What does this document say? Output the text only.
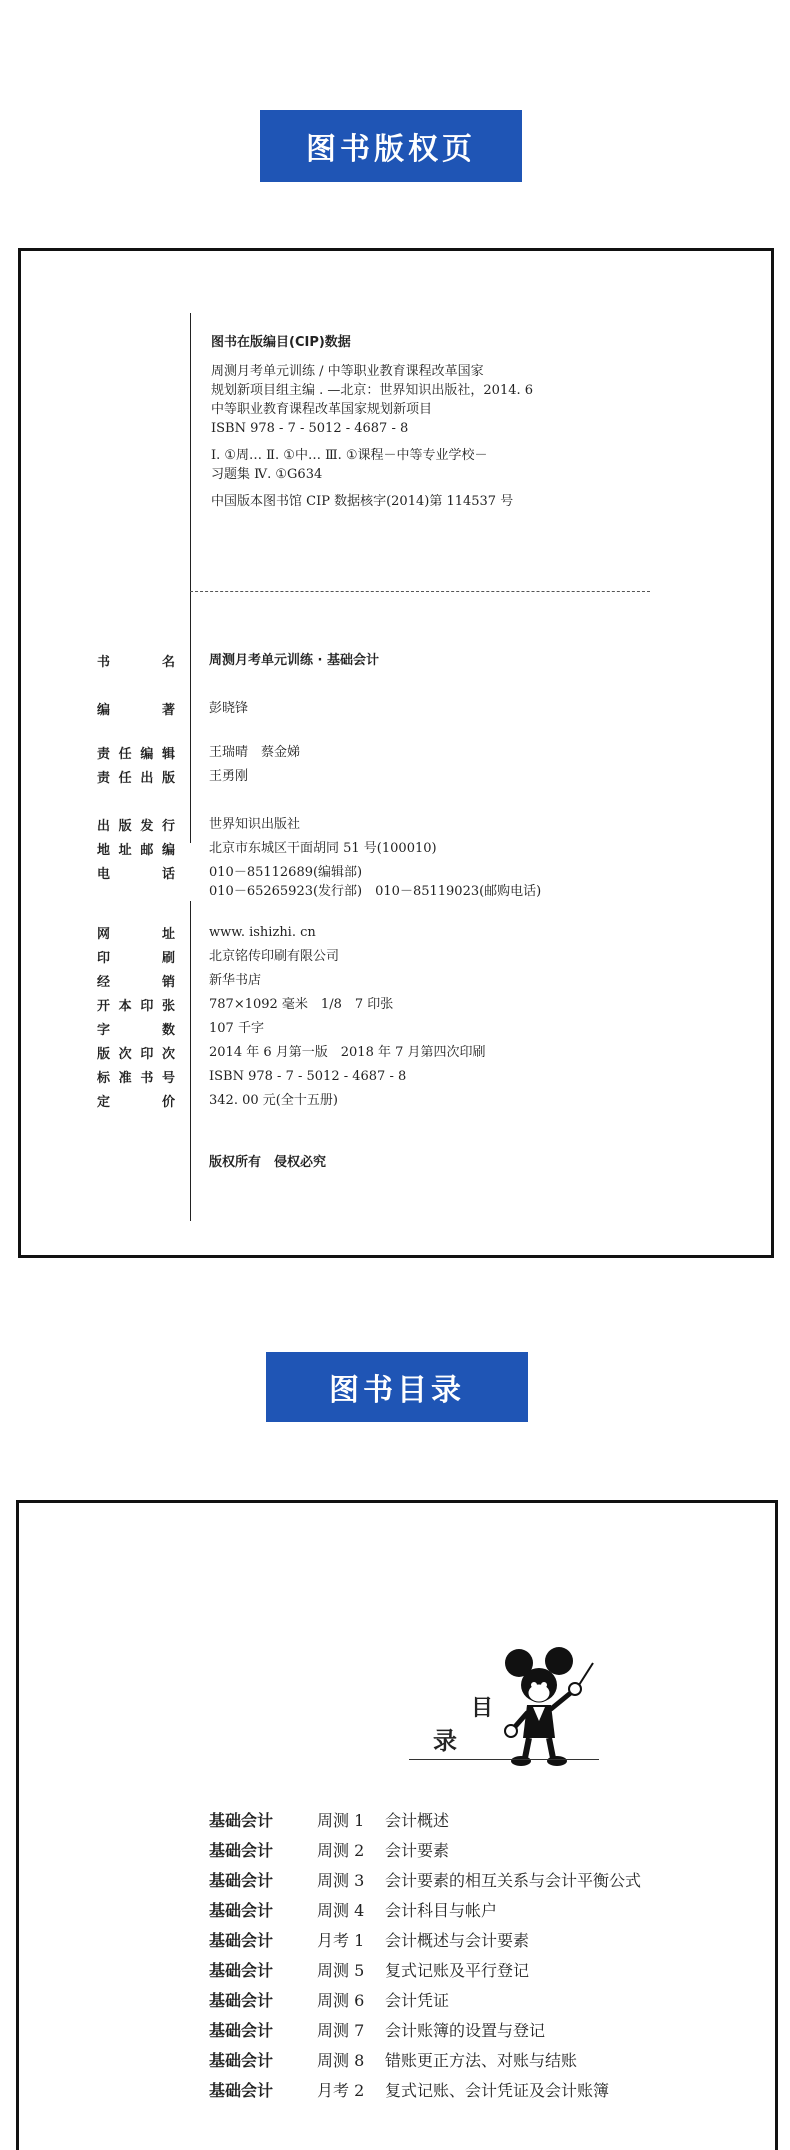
图书版权页
图书在版编目(CIP)数据
周测月考单元训练 / 中等职业教育课程改革国家
规划新项目组主编 . —北京：世界知识出版社，2014. 6
中等职业教育课程改革国家规划新项目
ISBN 978 - 7 - 5012 - 4687 - 8
Ⅰ. ①周… Ⅱ. ①中… Ⅲ. ①课程－中等专业学校－
习题集 Ⅳ. ①G634
中国版本图书馆 CIP 数据核字(2014)第 114537 号
书名	周测月考单元训练 · 基础会计
编著	彭晓锋
责任编辑	王瑞晴　蔡金娣
责任出版	王勇刚
出版发行	世界知识出版社
地址邮编	北京市东城区干面胡同 51 号(100010)
电话	010－85112689(编辑部)
010－65265923(发行部)　010－85119023(邮购电话)
网址	www. ishizhi. cn
印刷	北京铭传印刷有限公司
经销	新华书店
开本印张	787×1092 毫米　1/8　7 印张
字数	107 千字
版次印次	2014 年 6 月第一版　2018 年 7 月第四次印刷
标准书号	ISBN 978 - 7 - 5012 - 4687 - 8
定价	342. 00 元(全十五册)
版权所有　侵权必究
图书目录
目
录
基础会计	周测 1 会计概述
基础会计	周测 2 会计要素
基础会计	周测 3 会计要素的相互关系与会计平衡公式
基础会计	周测 4 会计科目与帐户
基础会计	月考 1 会计概述与会计要素
基础会计	周测 5 复式记账及平行登记
基础会计	周测 6 会计凭证
基础会计	周测 7 会计账簿的设置与登记
基础会计	周测 8 错账更正方法、对账与结账
基础会计	月考 2 复式记账、会计凭证及会计账簿
